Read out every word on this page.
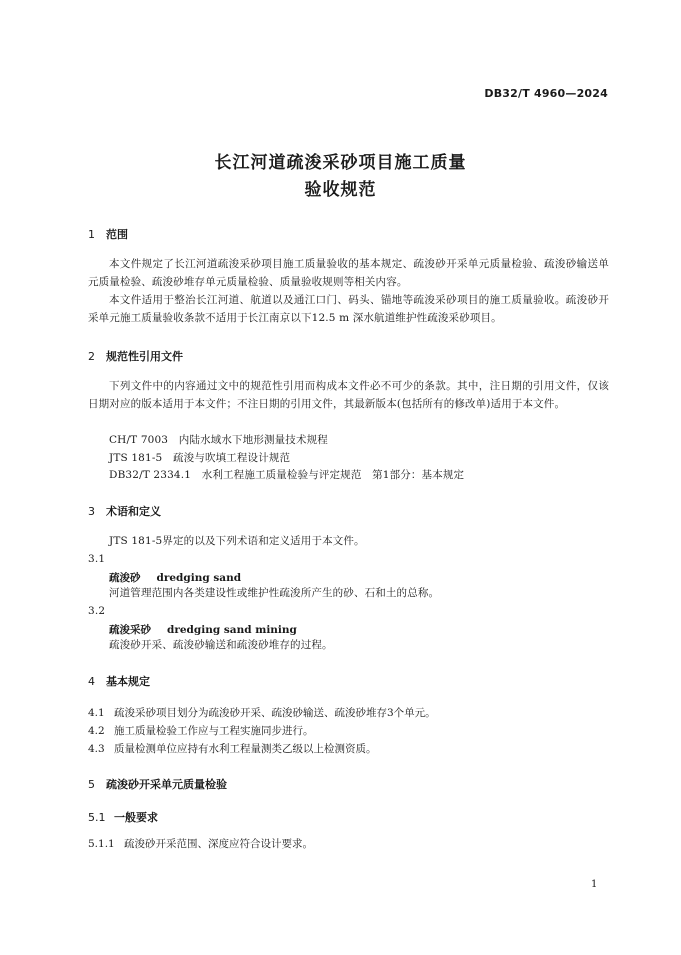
DB32/T 4960—2024
长江河道疏浚采砂项目施工质量
验收规范
1 范围
本文件规定了长江河道疏浚采砂项目施工质量验收的基本规定、疏浚砂开采单元质量检验、疏浚砂输送单元质量检验、疏浚砂堆存单元质量检验、质量验收规则等相关内容。
本文件适用于整治长江河道、航道以及通江口门、码头、锚地等疏浚采砂项目的施工质量验收。疏浚砂开采单元施工质量验收条款不适用于长江南京以下12.5 m 深水航道维护性疏浚采砂项目。
2 规范性引用文件
下列文件中的内容通过文中的规范性引用而构成本文件必不可少的条款。其中，注日期的引用文件，仅该日期对应的版本适用于本文件；不注日期的引用文件，其最新版本(包括所有的修改单)适用于本文件。
CH/T 7003　内陆水域水下地形测量技术规程
JTS 181-5　疏浚与吹填工程设计规范
DB32/T 2334.1　水利工程施工质量检验与评定规范　第1部分：基本规定
3 术语和定义
JTS 181-5界定的以及下列术语和定义适用于本文件。
3.1
疏浚砂 dredging sand
河道管理范围内各类建设性或维护性疏浚所产生的砂、石和土的总称。
3.2
疏浚采砂 dredging sand mining
疏浚砂开采、疏浚砂输送和疏浚砂堆存的过程。
4 基本规定
4.1 疏浚采砂项目划分为疏浚砂开采、疏浚砂输送、疏浚砂堆存3个单元。
4.2 施工质量检验工作应与工程实施同步进行。
4.3 质量检测单位应持有水利工程量测类乙级以上检测资质。
5 疏浚砂开采单元质量检验
5.1 一般要求
5.1.1 疏浚砂开采范围、深度应符合设计要求。
1
